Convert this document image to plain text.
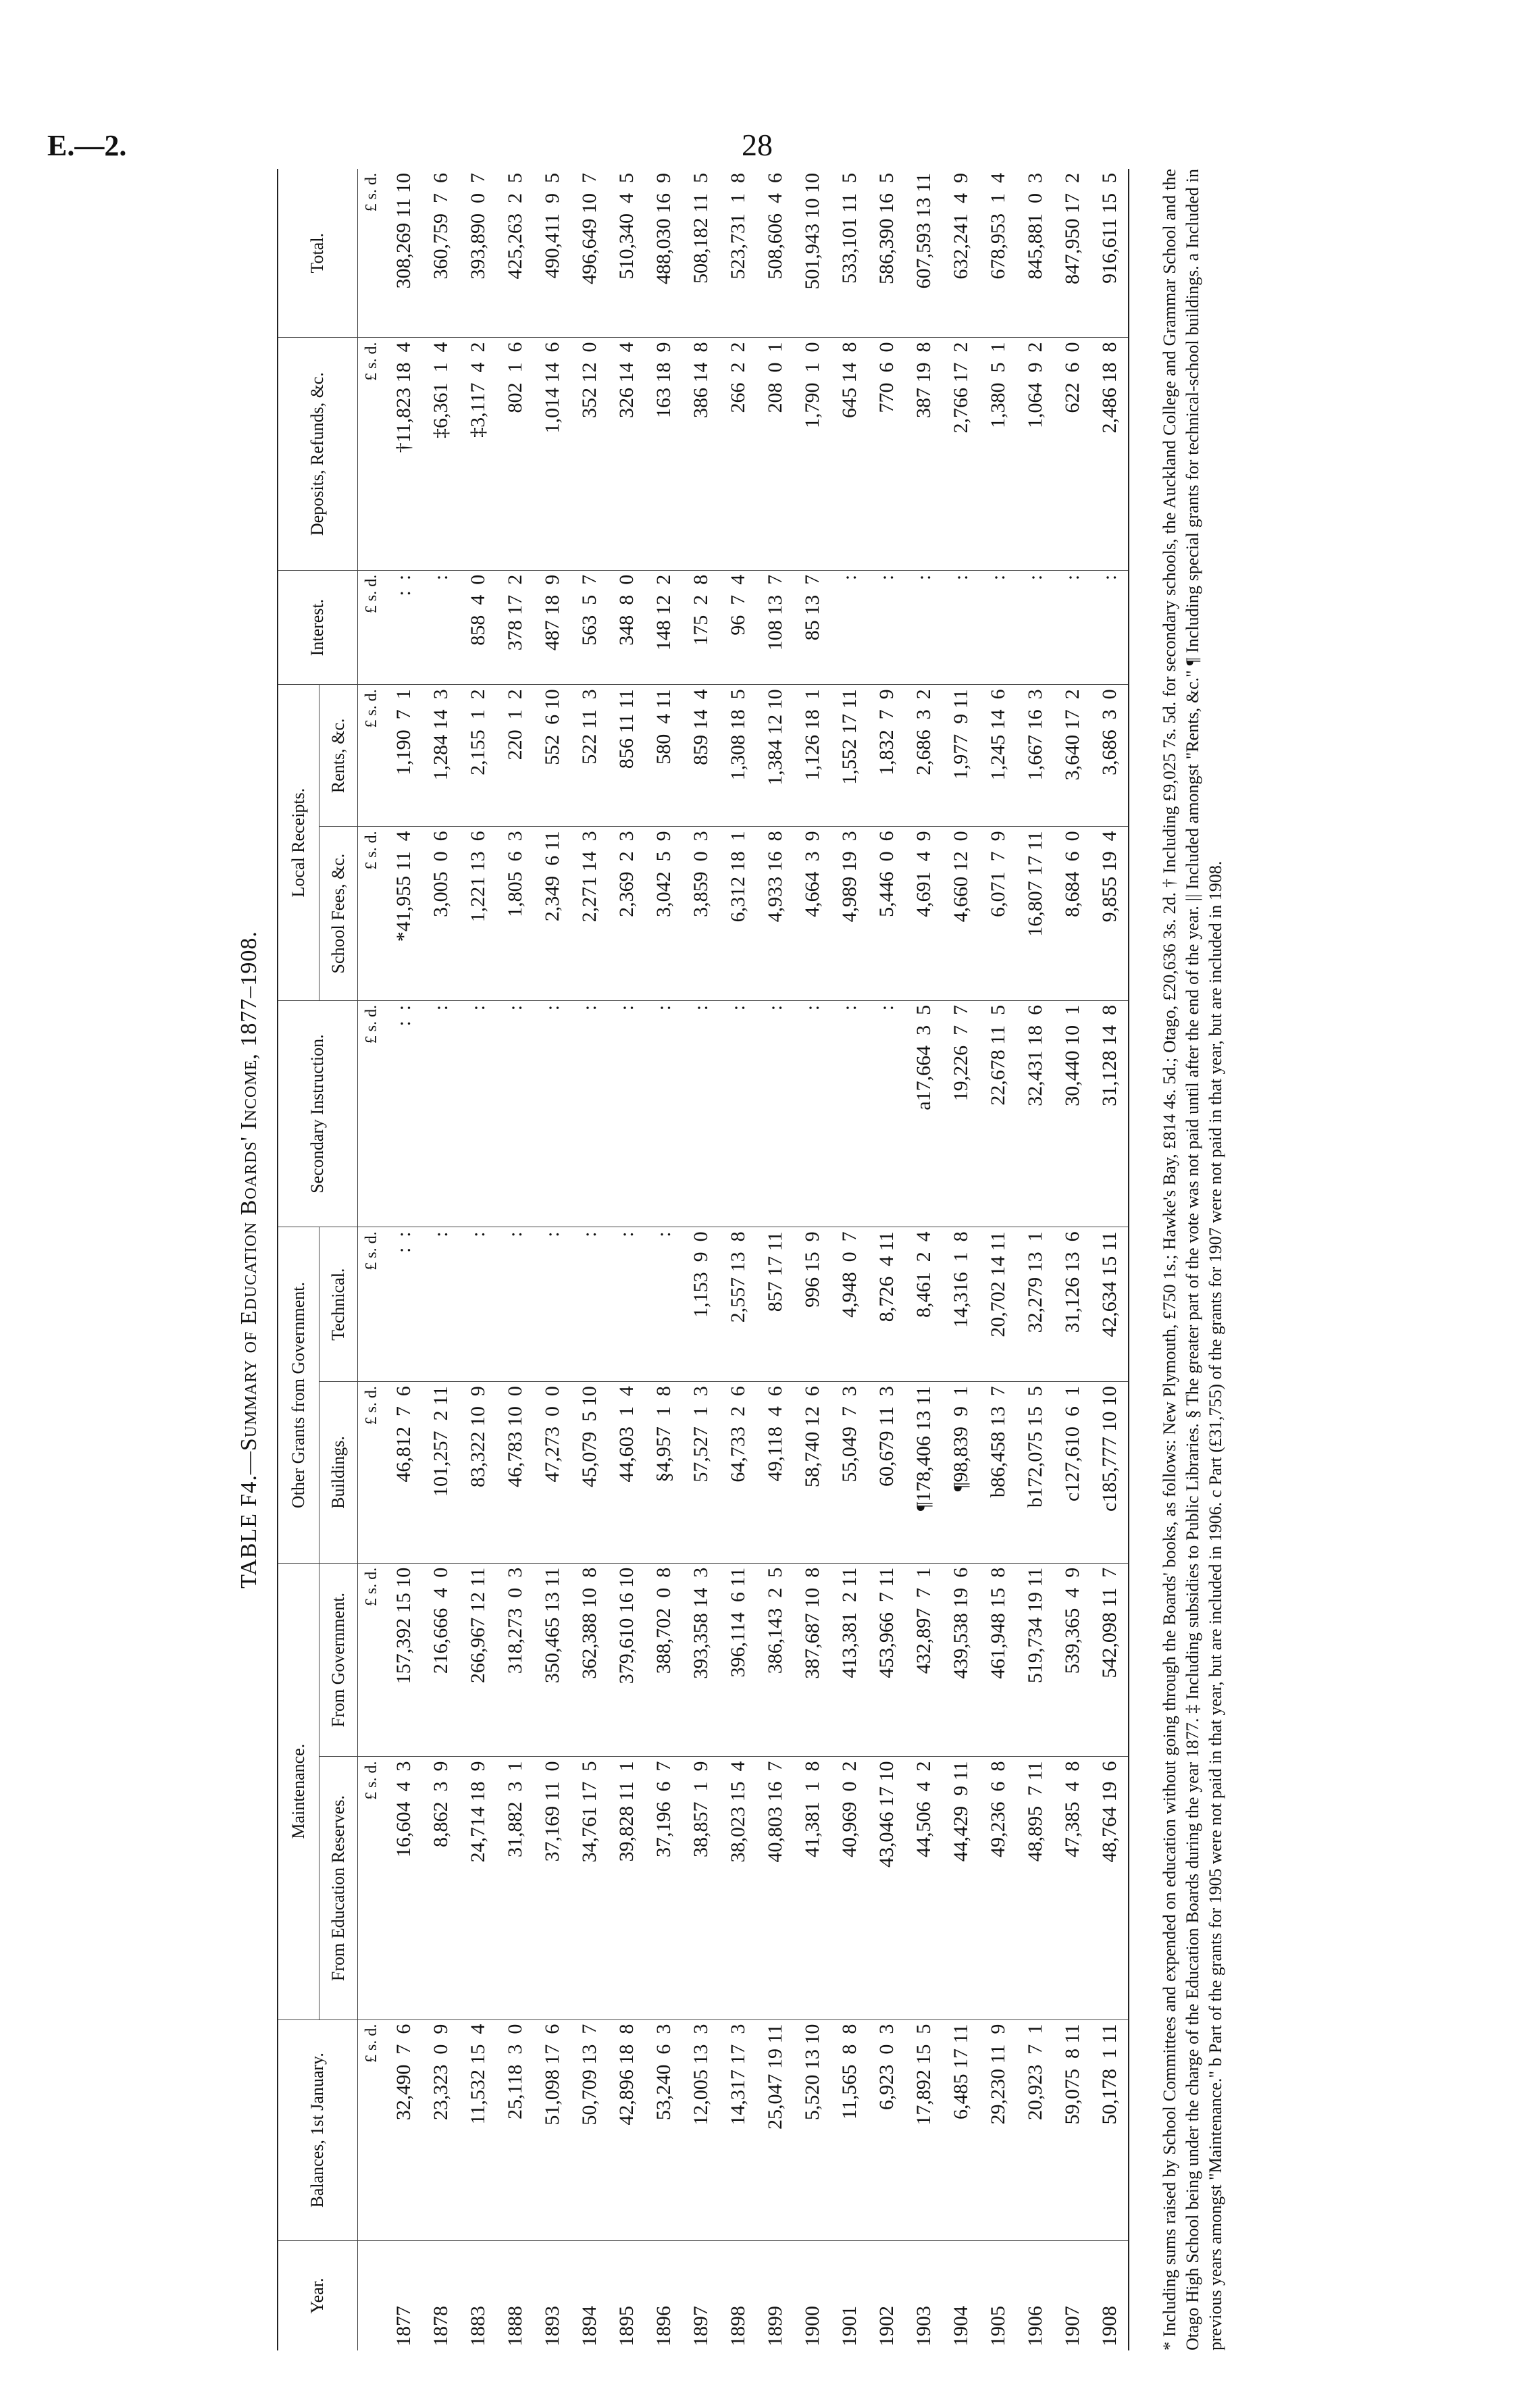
E.—2.	28
TABLE F4.—Summary of Education Boards' Income, 1877–1908.
Year.	Balances, 1st January.	Maintenance.		Other Grants from Government.		Secondary Instruction.	Local Receipts.		Interest.	Deposits, Refunds, &c.	Total.
		From Education Reserves.	From Government.	Buildings.	Technical.		School Fees, &c.	Rents, &c.			
	£ s. d.	£ s. d.	£ s. d.	£ s. d.	£ s. d.	£ s. d.	£ s. d.	£ s. d.	£ s. d.	£ s. d.	£ s. d.
1877	32,490  7  6	16,604  4  3	157,392 15 10	46,812  7  6	:  :	:  :	*41,955 11  4	1,190  7  1	:  :	†11,823 18  4	308,269 11 10
1878	23,323  0  9	8,862  3  9	216,666  4  0	101,257  2 11	:	:	3,005  0  6	1,284 14  3	:	‡6,361  1  4	360,759  7  6
1883	11,532 15  4	24,714 18  9	266,967 12 11	83,322 10  9	:	:	1,221 13  6	2,155  1  2	858  4  0	‡3,117  4  2	393,890  0  7
1888	25,118  3  0	31,882  3  1	318,273  0  3	46,783 10  0	:	:	1,805  6  3	220  1  2	378 17  2	802  1  6	425,263  2  5
1893	51,098 17  6	37,169 11  0	350,465 13 11	47,273  0  0	:	:	2,349  6 11	552  6 10	487 18  9	1,014 14  6	490,411  9  5
1894	50,709 13  7	34,761 17  5	362,388 10  8	45,079  5 10	:	:	2,271 14  3	522 11  3	563  5  7	352 12  0	496,649 10  7
1895	42,896 18  8	39,828 11  1	379,610 16 10	44,603  1  4	:	:	2,369  2  3	856 11 11	348  8  0	326 14  4	510,340  4  5
1896	53,240  6  3	37,196  6  7	388,702  0  8	§4,957  1  8	:	:	3,042  5  9	580  4 11	148 12  2	163 18  9	488,030 16  9
1897	12,005 13  3	38,857  1  9	393,358 14  3	57,527  1  3	1,153  9  0	:	3,859  0  3	859 14  4	175  2  8	386 14  8	508,182 11  5
1898	14,317 17  3	38,023 15  4	396,114  6 11	64,733  2  6	2,557 13  8	:	6,312 18  1	1,308 18  5	96  7  4	266  2  2	523,731  1  8
1899	25,047 19 11	40,803 16  7	386,143  2  5	49,118  4  6	857 17 11	:	4,933 16  8	1,384 12 10	108 13  7	208  0  1	508,606  4  6
1900	5,520 13 10	41,381  1  8	387,687 10  8	58,740 12  6	996 15  9	:	4,664  3  9	1,126 18  1	85 13  7	1,790  1  0	501,943 10 10
1901	11,565  8  8	40,969  0  2	413,381  2 11	55,049  7  3	4,948  0  7	:	4,989 19  3	1,552 17 11	:	645 14  8	533,101 11  5
1902	6,923  0  3	43,046 17 10	453,966  7 11	60,679 11  3	8,726  4 11	:	5,446  0  6	1,832  7  9	:	770  6  0	586,390 16  5
1903	17,892 15  5	44,506  4  2	432,897  7  1	¶178,406 13 11	8,461  2  4	a17,664  3  5	4,691  4  9	2,686  3  2	:	387 19  8	607,593 13 11
1904	6,485 17 11	44,429  9 11	439,538 19  6	¶98,839  9  1	14,316  1  8	19,226  7  7	4,660 12  0	1,977  9 11	:	2,766 17  2	632,241  4  9
1905	29,230 11  9	49,236  6  8	461,948 15  8	b86,458 13  7	20,702 14 11	22,678 11  5	6,071  7  9	1,245 14  6	:	1,380  5  1	678,953  1  4
1906	20,923  7  1	48,895  7 11	519,734 19 11	b172,075 15  5	32,279 13  1	32,431 18  6	16,807 17 11	1,667 16  3	:	1,064  9  2	845,881  0  3
1907	59,075  8 11	47,385  4  8	539,365  4  9	c127,610  6  1	31,126 13  6	30,440 10  1	8,684  6  0	3,640 17  2	:	622  6  0	847,950 17  2
1908	50,178  1 11	48,764 19  6	542,098 11  7	c185,777 10 10	42,634 15 11	31,128 14  8	9,855 19  4	3,686  3  0	:	2,486 18  8	916,611 15  5 * Including sums raised by School Committees and expended on education without going through the Boards' books, as follows: New Plymouth, £750 1s.; Hawke's Bay, £814 4s. 5d.; Otago, £20,636 3s. 2d. † Including £9,025 7s. 5d. for secondary schools, the Auckland College and Grammar School and the Otago High School being under the charge of the Education Boards during the year 1877. ‡ Including subsidies to Public Libraries. § The greater part of the vote was not paid until after the end of the year. || Included amongst "Rents, &c." ¶ Including special grants for technical-school buildings. a Included in previous years amongst "Maintenance." b Part of the grants for 1905 were not paid in that year, but are included in 1906. c Part (£31,755) of the grants for 1907 were not paid in that year, but are included in 1908.
